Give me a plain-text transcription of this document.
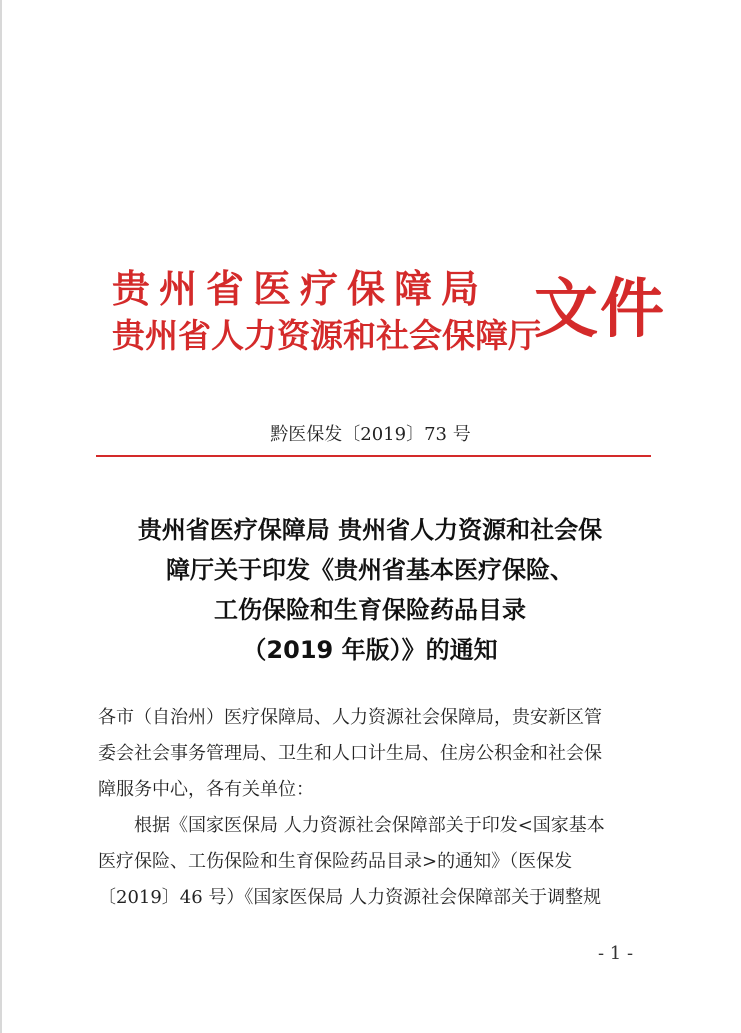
贵州省医疗保障局
贵州省人力资源和社会保障厅
文件
黔医保发〔2019〕73 号
贵州省医疗保障局 贵州省人力资源和社会保
障厅关于印发《贵州省基本医疗保险、
工伤保险和生育保险药品目录
（2019 年版）》的通知
各市（自治州）医疗保障局、人力资源社会保障局，贵安新区管
委会社会事务管理局、卫生和人口计生局、住房公积金和社会保
障服务中心，各有关单位：
根据《国家医保局 人力资源社会保障部关于印发<国家基本
医疗保险、工伤保险和生育保险药品目录>的通知》（医保发
〔2019〕46 号）《国家医保局 人力资源社会保障部关于调整规
- 1 -
